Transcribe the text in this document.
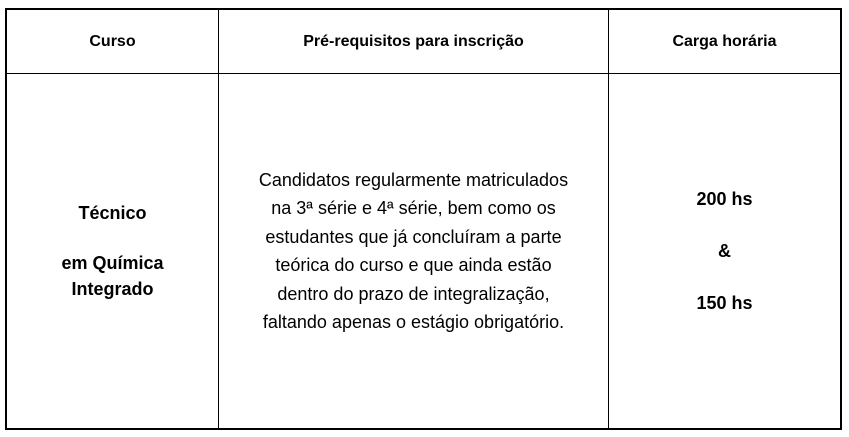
Curso	Pré-requisitos para inscrição	Carga horária
Técnico
em Química
Integrado
Candidatos regularmente matriculados
na 3ª série e 4ª série, bem como os
estudantes que já concluíram a parte
teórica do curso e que ainda estão
dentro do prazo de integralização,
faltando apenas o estágio obrigatório.
200 hs
&
150 hs
